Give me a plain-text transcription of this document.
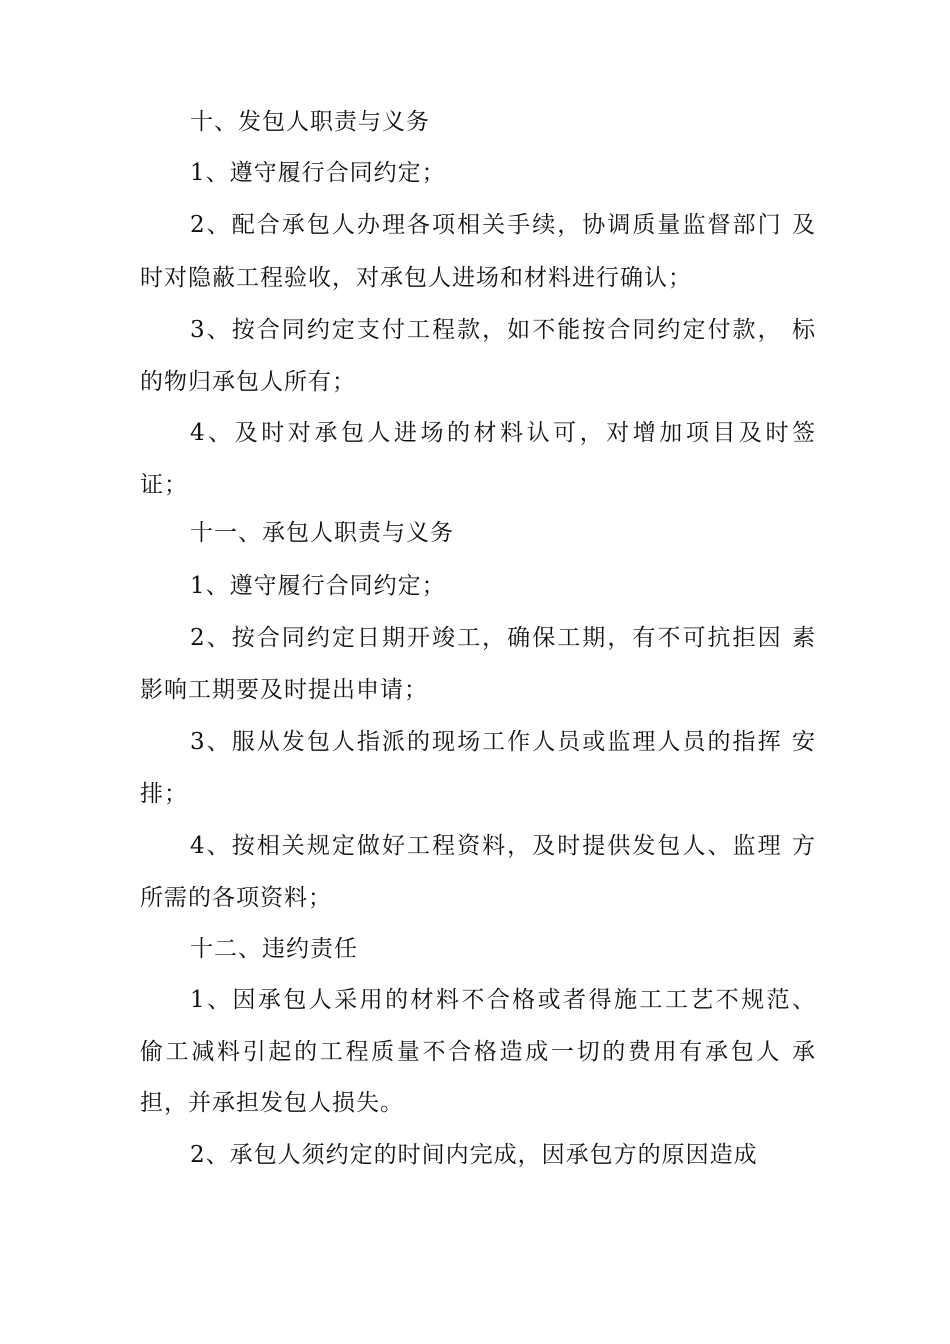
十、发包人职责与义务
1、遵守履行合同约定；
2、配合承包人办理各项相关手续，协调质量监督部门 及
时对隐蔽工程验收，对承包人进场和材料进行确认；
3、按合同约定支付工程款，如不能按合同约定付款， 标
的物归承包人所有；
4、及时对承包人进场的材料认可，对增加项目及时签
证；
十一、承包人职责与义务
1、遵守履行合同约定；
2、按合同约定日期开竣工，确保工期，有不可抗拒因 素
影响工期要及时提出申请；
3、服从发包人指派的现场工作人员或监理人员的指挥 安
排；
4、按相关规定做好工程资料，及时提供发包人、监理 方
所需的各项资料；
十二、违约责任
1、因承包人采用的材料不合格或者得施工工艺不规范、
偷工减料引起的工程质量不合格造成一切的费用有承包人 承
担，并承担发包人损失。
2、承包人须约定的时间内完成，因承包方的原因造成
